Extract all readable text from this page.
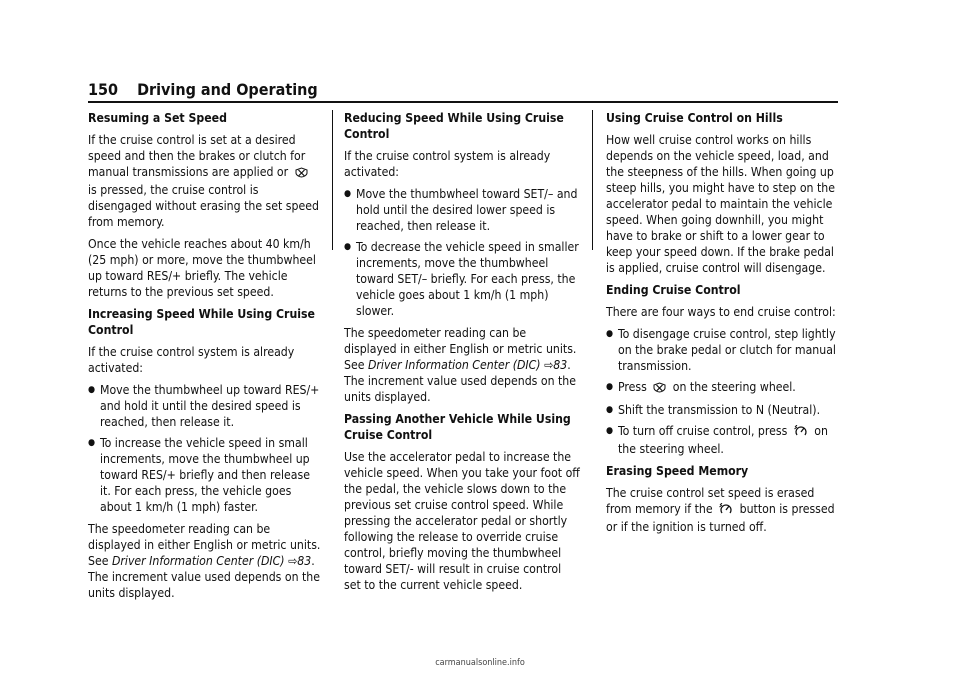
150 Driving and Operating
Resuming a Set Speed

If the cruise control is set at a desired speed and then the brakes or clutch for manual transmissions are applied or  is pressed, the cruise control is disengaged without erasing the set speed from memory.

Once the vehicle reaches about 40 km/h (25 mph) or more, move the thumbwheel up toward RES/+ briefly. The vehicle returns to the previous set speed.

Increasing Speed While Using Cruise Control

If the cruise control system is already activated:

● Move the thumbwheel up toward RES/+ and hold it until the desired speed is reached, then release it.
● To increase the vehicle speed in small increments, move the thumbwheel up toward RES/+ briefly and then release it. For each press, the vehicle goes about 1 km/h (1 mph) faster.

The speedometer reading can be displayed in either English or metric units. See Driver Information Center (DIC) ⇨83. The increment value used depends on the units displayed.

Reducing Speed While Using Cruise Control

If the cruise control system is already activated:

● Move the thumbwheel toward SET/– and hold until the desired lower speed is reached, then release it.
● To decrease the vehicle speed in smaller increments, move the thumbwheel toward SET/– briefly. For each press, the vehicle goes about 1 km/h (1 mph) slower.

The speedometer reading can be displayed in either English or metric units. See Driver Information Center (DIC) ⇨83. The increment value used depends on the units displayed.

Passing Another Vehicle While Using Cruise Control

Use the accelerator pedal to increase the vehicle speed. When you take your foot off the pedal, the vehicle slows down to the previous set cruise control speed. While pressing the accelerator pedal or shortly following the release to override cruise control, briefly moving the thumbwheel toward SET/- will result in cruise control set to the current vehicle speed.

Using Cruise Control on Hills

How well cruise control works on hills depends on the vehicle speed, load, and the steepness of the hills. When going up steep hills, you might have to step on the accelerator pedal to maintain the vehicle speed. When going downhill, you might have to brake or shift to a lower gear to keep your speed down. If the brake pedal is applied, cruise control will disengage.

Ending Cruise Control

There are four ways to end cruise control:

● To disengage cruise control, step lightly on the brake pedal or clutch for manual transmission.
● Press on the steering wheel.
● Shift the transmission to N (Neutral).
● To turn off cruise control, press on the steering wheel.
Erasing Speed Memory

The cruise control set speed is erased from memory if the button is pressed or if the ignition is turned off.

carmanualsonline.info
